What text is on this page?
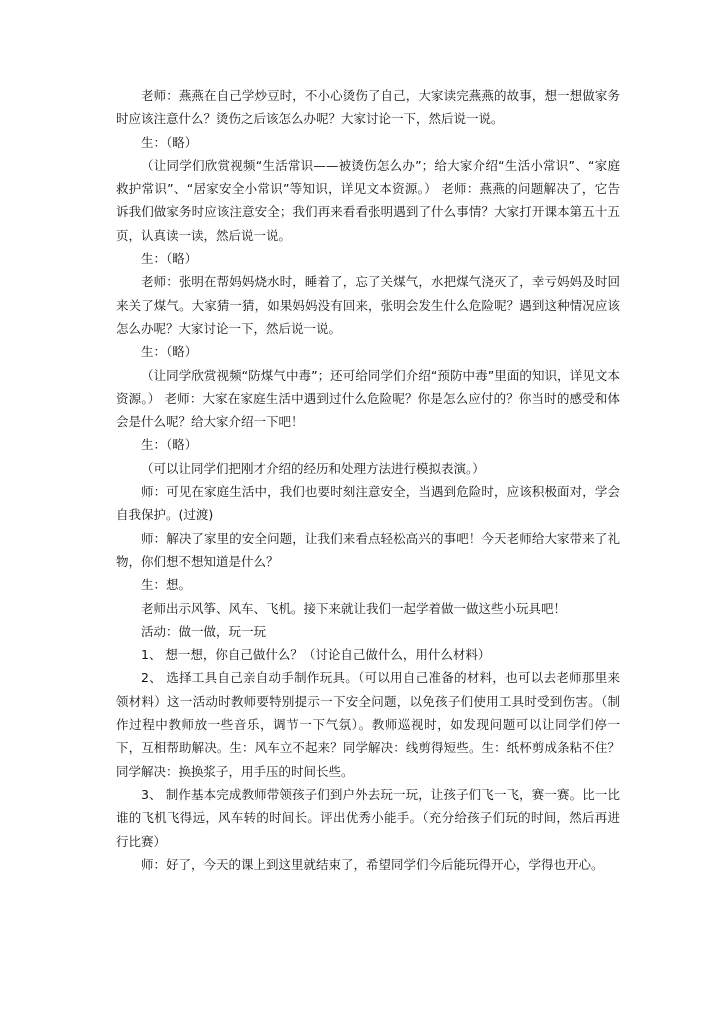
老师：燕燕在自己学炒豆时，不小心烫伤了自己，大家读完燕燕的故事，想一想做家务时应该注意什么？烫伤之后该怎么办呢？大家讨论一下，然后说一说。

生：（略）

（让同学们欣赏视频“生活常识——被烫伤怎么办”；给大家介绍“生活小常识”、“家庭救护常识”、“居家安全小常识”等知识，详见文本资源。） 老师：燕燕的问题解决了，它告诉我们做家务时应该注意安全；我们再来看看张明遇到了什么事情？大家打开课本第五十五页，认真读一读，然后说一说。

生：（略）

老师：张明在帮妈妈烧水时，睡着了，忘了关煤气，水把煤气浇灭了，幸亏妈妈及时回来关了煤气。大家猜一猜，如果妈妈没有回来，张明会发生什么危险呢？遇到这种情况应该怎么办呢？大家讨论一下，然后说一说。

生：（略）

（让同学欣赏视频“防煤气中毒”；还可给同学们介绍“预防中毒”里面的知识，详见文本资源。） 老师：大家在家庭生活中遇到过什么危险呢？你是怎么应付的？你当时的感受和体会是什么呢？给大家介绍一下吧！

生：（略）

（可以让同学们把刚才介绍的经历和处理方法进行模拟表演。）

师：可见在家庭生活中，我们也要时刻注意安全，当遇到危险时，应该积极面对，学会自我保护。(过渡)

师：解决了家里的安全问题，让我们来看点轻松高兴的事吧！今天老师给大家带来了礼物，你们想不想知道是什么？

生：想。

老师出示风筝、风车、飞机。接下来就让我们一起学着做一做这些小玩具吧！

活动：做一做，玩一玩

1、 想一想，你自己做什么？（讨论自己做什么，用什么材料）

2、 选择工具自己亲自动手制作玩具。（可以用自己准备的材料，也可以去老师那里来领材料）这一活动时教师要特别提示一下安全问题，以免孩子们使用工具时受到伤害。（制作过程中教师放一些音乐，调节一下气氛）。教师巡视时，如发现问题可以让同学们停一下，互相帮助解决。生：风车立不起来？同学解决：线剪得短些。生：纸杯剪成条粘不住？同学解决：换换浆子，用手压的时间长些。

3、 制作基本完成教师带领孩子们到户外去玩一玩，让孩子们飞一飞，赛一赛。比一比谁的飞机飞得远，风车转的时间长。评出优秀小能手。（充分给孩子们玩的时间，然后再进行比赛）

师：好了，今天的课上到这里就结束了，希望同学们今后能玩得开心，学得也开心。
